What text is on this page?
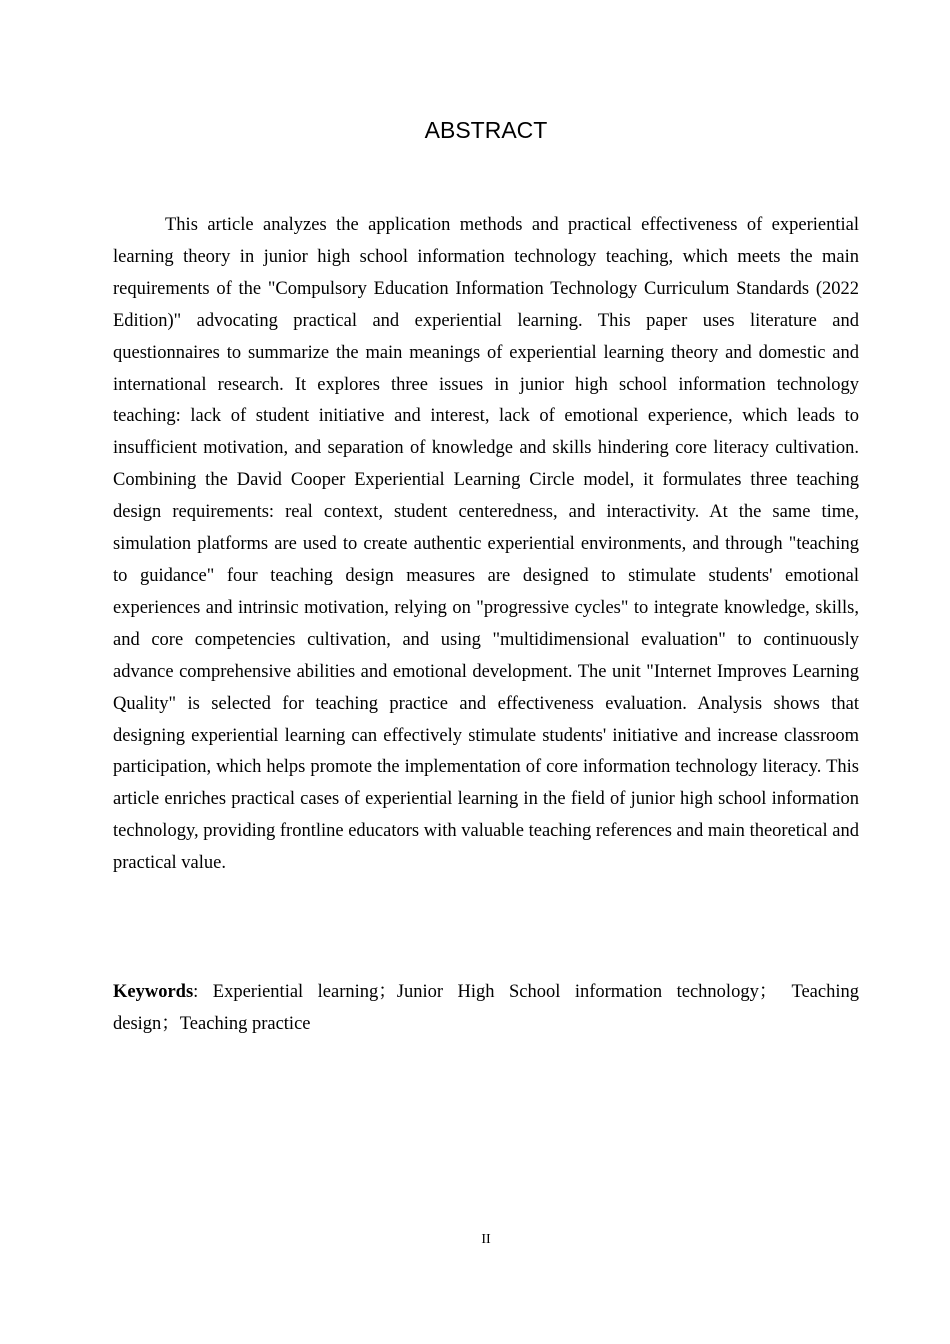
ABSTRACT

This article analyzes the application methods and practical effectiveness of experiential learning theory in junior high school information technology teaching, which meets the main requirements of the "Compulsory Education Information Technology Curriculum Standards (2022 Edition)" advocating practical and experiential learning. This paper uses literature and questionnaires to summarize the main meanings of experiential learning theory and domestic and international research. It explores three issues in junior high school information technology teaching: lack of student initiative and interest, lack of emotional experience, which leads to insufficient motivation, and separation of knowledge and skills hindering core literacy cultivation. Combining the David Cooper Experiential Learning Circle model, it formulates three teaching design requirements: real context, student centeredness, and interactivity. At the same time, simulation platforms are used to create authentic experiential environments, and through "teaching to guidance" four teaching design measures are designed to stimulate students' emotional experiences and intrinsic motivation, relying on "progressive cycles" to integrate knowledge, skills, and core competencies cultivation, and using "multidimensional evaluation" to continuously advance comprehensive abilities and emotional development. The unit "Internet Improves Learning Quality" is selected for teaching practice and effectiveness evaluation. Analysis shows that designing experiential learning can effectively stimulate students' initiative and increase classroom participation, which helps promote the implementation of core information technology literacy. This article enriches practical cases of experiential learning in the field of junior high school information technology, providing frontline educators with valuable teaching references and main theoretical and practical value.

Keywords: Experiential learning；Junior High School information technology； Teaching design；Teaching practice

II
